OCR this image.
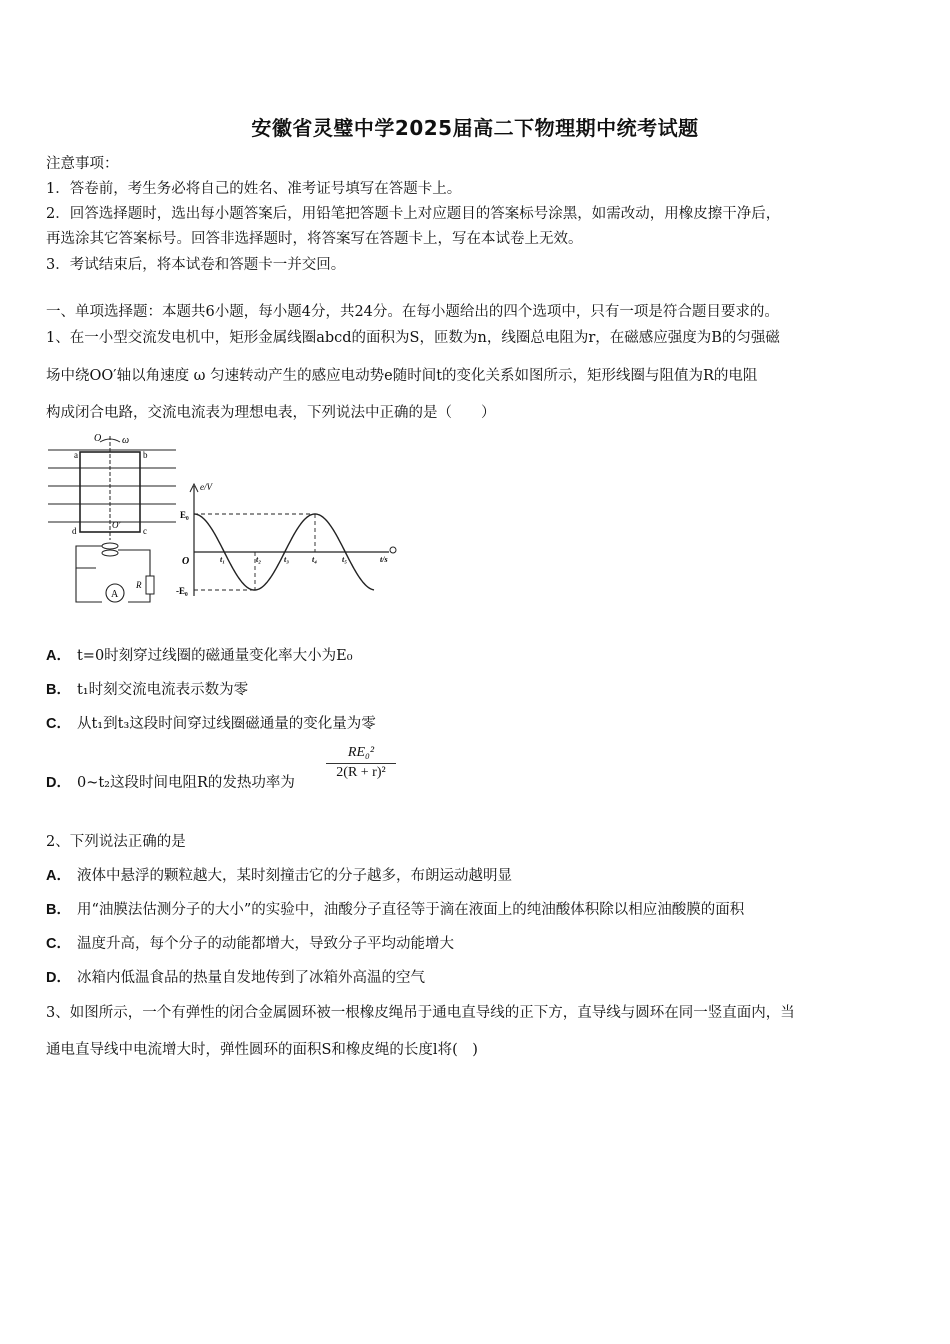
安徽省灵璧中学2025届高二下物理期中统考试题
注意事项：
1．答卷前，考生务必将自己的姓名、准考证号填写在答题卡上。
2．回答选择题时，选出每小题答案后，用铅笔把答题卡上对应题目的答案标号涂黑，如需改动，用橡皮擦干净后，
再选涂其它答案标号。回答非选择题时，将答案写在答题卡上，写在本试卷上无效。
3．考试结束后，将本试卷和答题卡一并交回。
一、单项选择题：本题共6小题，每小题4分，共24分。在每小题给出的四个选项中，只有一项是符合题目要求的。
1、在一小型交流发电机中，矩形金属线圈abcd的面积为S，匝数为n，线圈总电阻为r，在磁感应强度为B的匀强磁
场中绕OO′轴以角速度 ω 匀速转动产生的感应电动势e随时间t的变化关系如图所示，矩形线圈与阻值为R的电阻
构成闭合电路，交流电流表为理想电表，下列说法中正确的是（　　）
O ω
a	b
c
d
O′
R
A
e/V
E₀
-E₀
O	t₁	t₂	t₃	t₄	t₅	t/s
A． t=0时刻穿过线圈的磁通量变化率大小为E₀
B． t₁时刻交流电流表示数为零
C． 从t₁到t₃这段时间穿过线圈磁通量的变化量为零
D． 0~t₂这段时间电阻R的发热功率为
RE₀²
2(R + r)²
2、下列说法正确的是
A． 液体中悬浮的颗粒越大，某时刻撞击它的分子越多，布朗运动越明显
B． 用“油膜法估测分子的大小”的实验中，油酸分子直径等于滴在液面上的纯油酸体积除以相应油酸膜的面积
C． 温度升高，每个分子的动能都增大，导致分子平均动能增大
D． 冰箱内低温食品的热量自发地传到了冰箱外高温的空气
3、如图所示，一个有弹性的闭合金属圆环被一根橡皮绳吊于通电直导线的正下方，直导线与圆环在同一竖直面内，当
通电直导线中电流增大时，弹性圆环的面积S和橡皮绳的长度l将(　)
